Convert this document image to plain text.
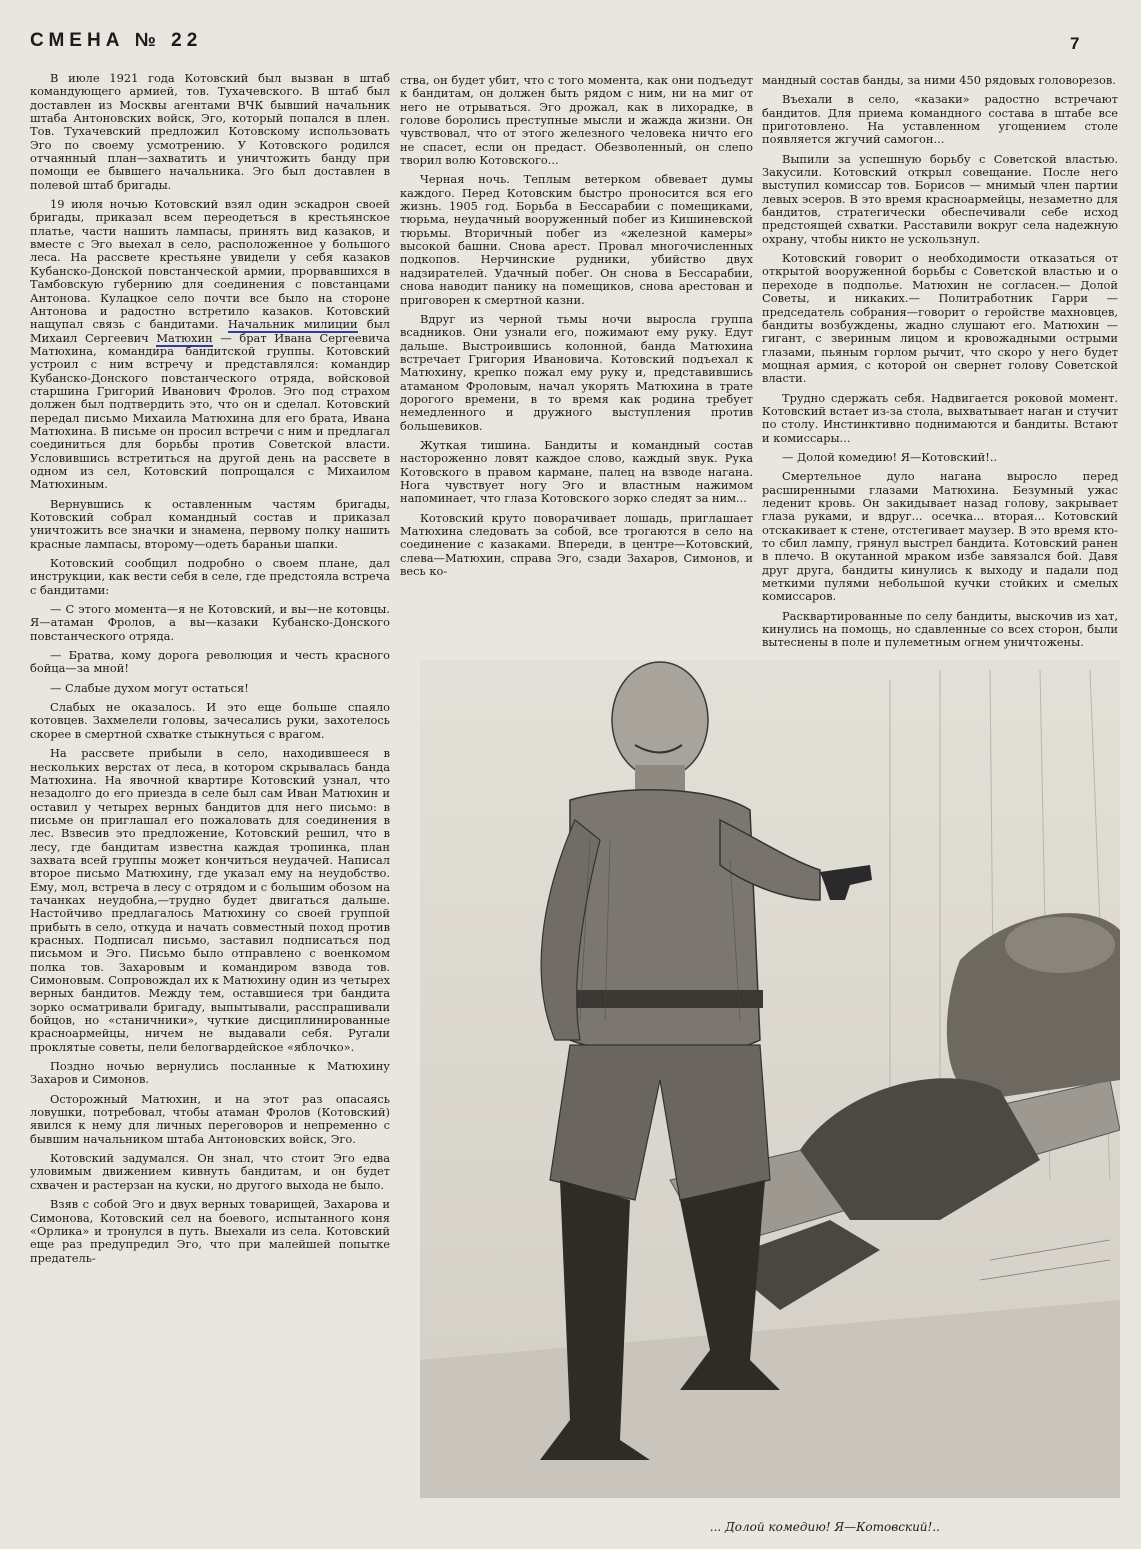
СМЕНА № 22	7

В июле 1921 года Котовский был вызван в штаб командующего армией, тов. Тухачевского. В штаб был доставлен из Москвы агентами ВЧК бывший начальник штаба Антоновских войск, Эго, который попался в плен. Тов. Тухачевский предложил Котовскому использовать Эго по своему усмотрению. У Котовского родился отчаянный план—захватить и уничтожить банду при помощи ее бывшего начальника. Эго был доставлен в полевой штаб бригады.

19 июля ночью Котовский взял один эскадрон своей бригады, приказал всем переодеться в крестьянское платье, части нашить лампасы, принять вид казаков, и вместе с Эго выехал в село, расположенное у большого леса. На рассвете крестьяне увидели у себя казаков Кубанско-Донской повстанческой армии, прорвавшихся в Тамбовскую губернию для соединения с повстанцами Антонова. Кулацкое село почти все было на стороне Антонова и радостно встретило казаков. Котовский нащупал связь с бандитами. Начальник милиции был Михаил Сергеевич Матюхин — брат Ивана Сергеевича Матюхина, командира бандитской группы. Котовский устроил с ним встречу и представлялся: командир Кубанско-Донского повстанческого отряда, войсковой старшина Григорий Иванович Фролов. Эго под страхом должен был подтвердить это, что он и сделал. Котовский передал письмо Михаила Матюхина для его брата, Ивана Матюхина. В письме он просил встречи с ним и предлагал соединиться для борьбы против Советской власти. Условившись встретиться на другой день на рассвете в одном из сел, Котовский попрощался с Михаилом Матюхиным.

Вернувшись к оставленным частям бригады, Котовский собрал командный состав и приказал уничтожить все значки и знамена, первому полку нашить красные лампасы, второму—одеть бараньи шапки.

Котовский сообщил подробно о своем плане, дал инструкции, как вести себя в селе, где предстояла встреча с бандитами:

— С этого момента—я не Котовский, и вы—не котовцы. Я—атаман Фролов, а вы—казаки Кубанско-Донского повстанческого отряда.

— Братва, кому дорога революция и честь красного бойца—за мной!

— Слабые духом могут остаться!

Слабых не оказалось. И это еще больше спаяло котовцев. Захмелели головы, зачесались руки, захотелось скорее в смертной схватке стыкнуться с врагом.

На рассвете прибыли в село, находившееся в нескольких верстах от леса, в котором скрывалась банда Матюхина. На явочной квартире Котовский узнал, что незадолго до его приезда в селе был сам Иван Матюхин и оставил у четырех верных бандитов для него письмо: в письме он приглашал его пожаловать для соединения в лес. Взвесив это предложение, Котовский решил, что в лесу, где бандитам известна каждая тропинка, план захвата всей группы может кончиться неудачей. Написал второе письмо Матюхину, где указал ему на неудобство. Ему, мол, встреча в лесу с отрядом и с большим обозом на тачанках неудобна,—трудно будет двигаться дальше. Настойчиво предлагалось Матюхину со своей группой прибыть в село, откуда и начать совместный поход против красных. Подписал письмо, заставил подписаться под письмом и Эго. Письмо было отправлено с военкомом полка тов. Захаровым и командиром взвода тов. Симоновым. Сопровождал их к Матюхину один из четырех верных бандитов. Между тем, оставшиеся три бандита зорко осматривали бригаду, выпытывали, расспрашивали бойцов, но «станичники», чуткие дисциплинированные красноармейцы, ничем не выдавали себя. Ругали проклятые советы, пели белогвардейское «яблочко».

Поздно ночью вернулись посланные к Матюхину Захаров и Симонов.

Осторожный Матюхин, и на этот раз опасаясь ловушки, потребовал, чтобы атаман Фролов (Котовский) явился к нему для личных переговоров и непременно с бывшим начальником штаба Антоновских войск, Эго.

Котовский задумался. Он знал, что стоит Эго едва уловимым движением кивнуть бандитам, и он будет схвачен и растерзан на куски, но другого выхода не было.

Взяв с собой Эго и двух верных товарищей, Захарова и Симонова, Котовский сел на боевого, испытанного коня «Орлика» и тронулся в путь. Выехали из села. Котовский еще раз предупредил Эго, что при малейшей попытке предатель-

ства, он будет убит, что с того момента, как они подъедут к бандитам, он должен быть рядом с ним, ни на миг от него не отрываться. Эго дрожал, как в лихорадке, в голове боролись преступные мысли и жажда жизни. Он чувствовал, что от этого железного человека ничто его не спасет, если он предаст. Обезволенный, он слепо творил волю Котовского...

Черная ночь. Теплым ветерком обвевает думы каждого. Перед Котовским быстро проносится вся его жизнь. 1905 год. Борьба в Бессарабии с помещиками, тюрьма, неудачный вооруженный побег из Кишиневской тюрьмы. Вторичный побег из «железной камеры» высокой башни. Снова арест. Провал многочисленных подкопов. Нерчинские рудники, убийство двух надзирателей. Удачный побег. Он снова в Бессарабии, снова наводит панику на помещиков, снова арестован и приговорен к смертной казни.

Вдруг из черной тьмы ночи выросла группа всадников. Они узнали его, пожимают ему руку. Едут дальше. Выстроившись колонной, банда Матюхина встречает Григория Ивановича. Котовский подъехал к Матюхину, крепко пожал ему руку и, представившись атаманом Фроловым, начал укорять Матюхина в трате дорогого времени, в то время как родина требует немедленного и дружного выступления против большевиков.

Жуткая тишина. Бандиты и командный состав настороженно ловят каждое слово, каждый звук. Рука Котовского в правом кармане, палец на взводе нагана. Нога чувствует ногу Эго и властным нажимом напоминает, что глаза Котовского зорко следят за ним...

Котовский круто поворачивает лошадь, приглашает Матюхина следовать за собой, все трогаются в село на соединение с казаками. Впереди, в центре—Котовский, слева—Матюхин, справа Эго, сзади Захаров, Симонов, и весь ко-

мандный состав банды, за ними 450 рядовых головорезов.

Въехали в село, «казаки» радостно встречают бандитов. Для приема командного состава в штабе все приготовлено. На уставленном угощением столе появляется жгучий самогон...

Выпили за успешную борьбу с Советской властью. Закусили. Котовский открыл совещание. После него выступил комиссар тов. Борисов — мнимый член партии левых эсеров. В это время красноармейцы, незаметно для бандитов, стратегически обеспечивали себе исход предстоящей схватки. Расставили вокруг села надежную охрану, чтобы никто не ускользнул.

Котовский говорит о необходимости отказаться от открытой вооруженной борьбы с Советской властью и о переходе в подполье. Матюхин не согласен.— Долой Советы, и никаких.— Политработник Гарри — председатель собрания—говорит о геройстве махновцев, бандиты возбуждены, жадно слушают его. Матюхин — гигант, с звериным лицом и кровожадными острыми глазами, пьяным горлом рычит, что скоро у него будет мощная армия, с которой он свернет голову Советской власти.

Трудно сдержать себя. Надвигается роковой момент. Котовский встает из-за стола, выхватывает наган и стучит по столу. Инстинктивно поднимаются и бандиты. Встают и комиссары...

— Долой комедию! Я—Котовский!..

Смертельное дуло нагана выросло перед расширенными глазами Матюхина. Безумный ужас леденит кровь. Он закидывает назад голову, закрывает глаза руками, и вдруг... осечка... вторая... Котовский отскакивает к стене, отстегивает маузер. В это время кто-то сбил лампу, грянул выстрел бандита. Котовский ранен в плечо. В окутанной мраком избе завязался бой. Давя друг друга, бандиты кинулись к выходу и падали под меткими пулями небольшой кучки стойких и смелых комиссаров.

Расквартированные по селу бандиты, выскочив из хат, кинулись на помощь, но сдавленные со всех сторон, были вытеснены в поле и пулеметным огнем уничтожены.

... Долой комедию! Я—Котовский!..
